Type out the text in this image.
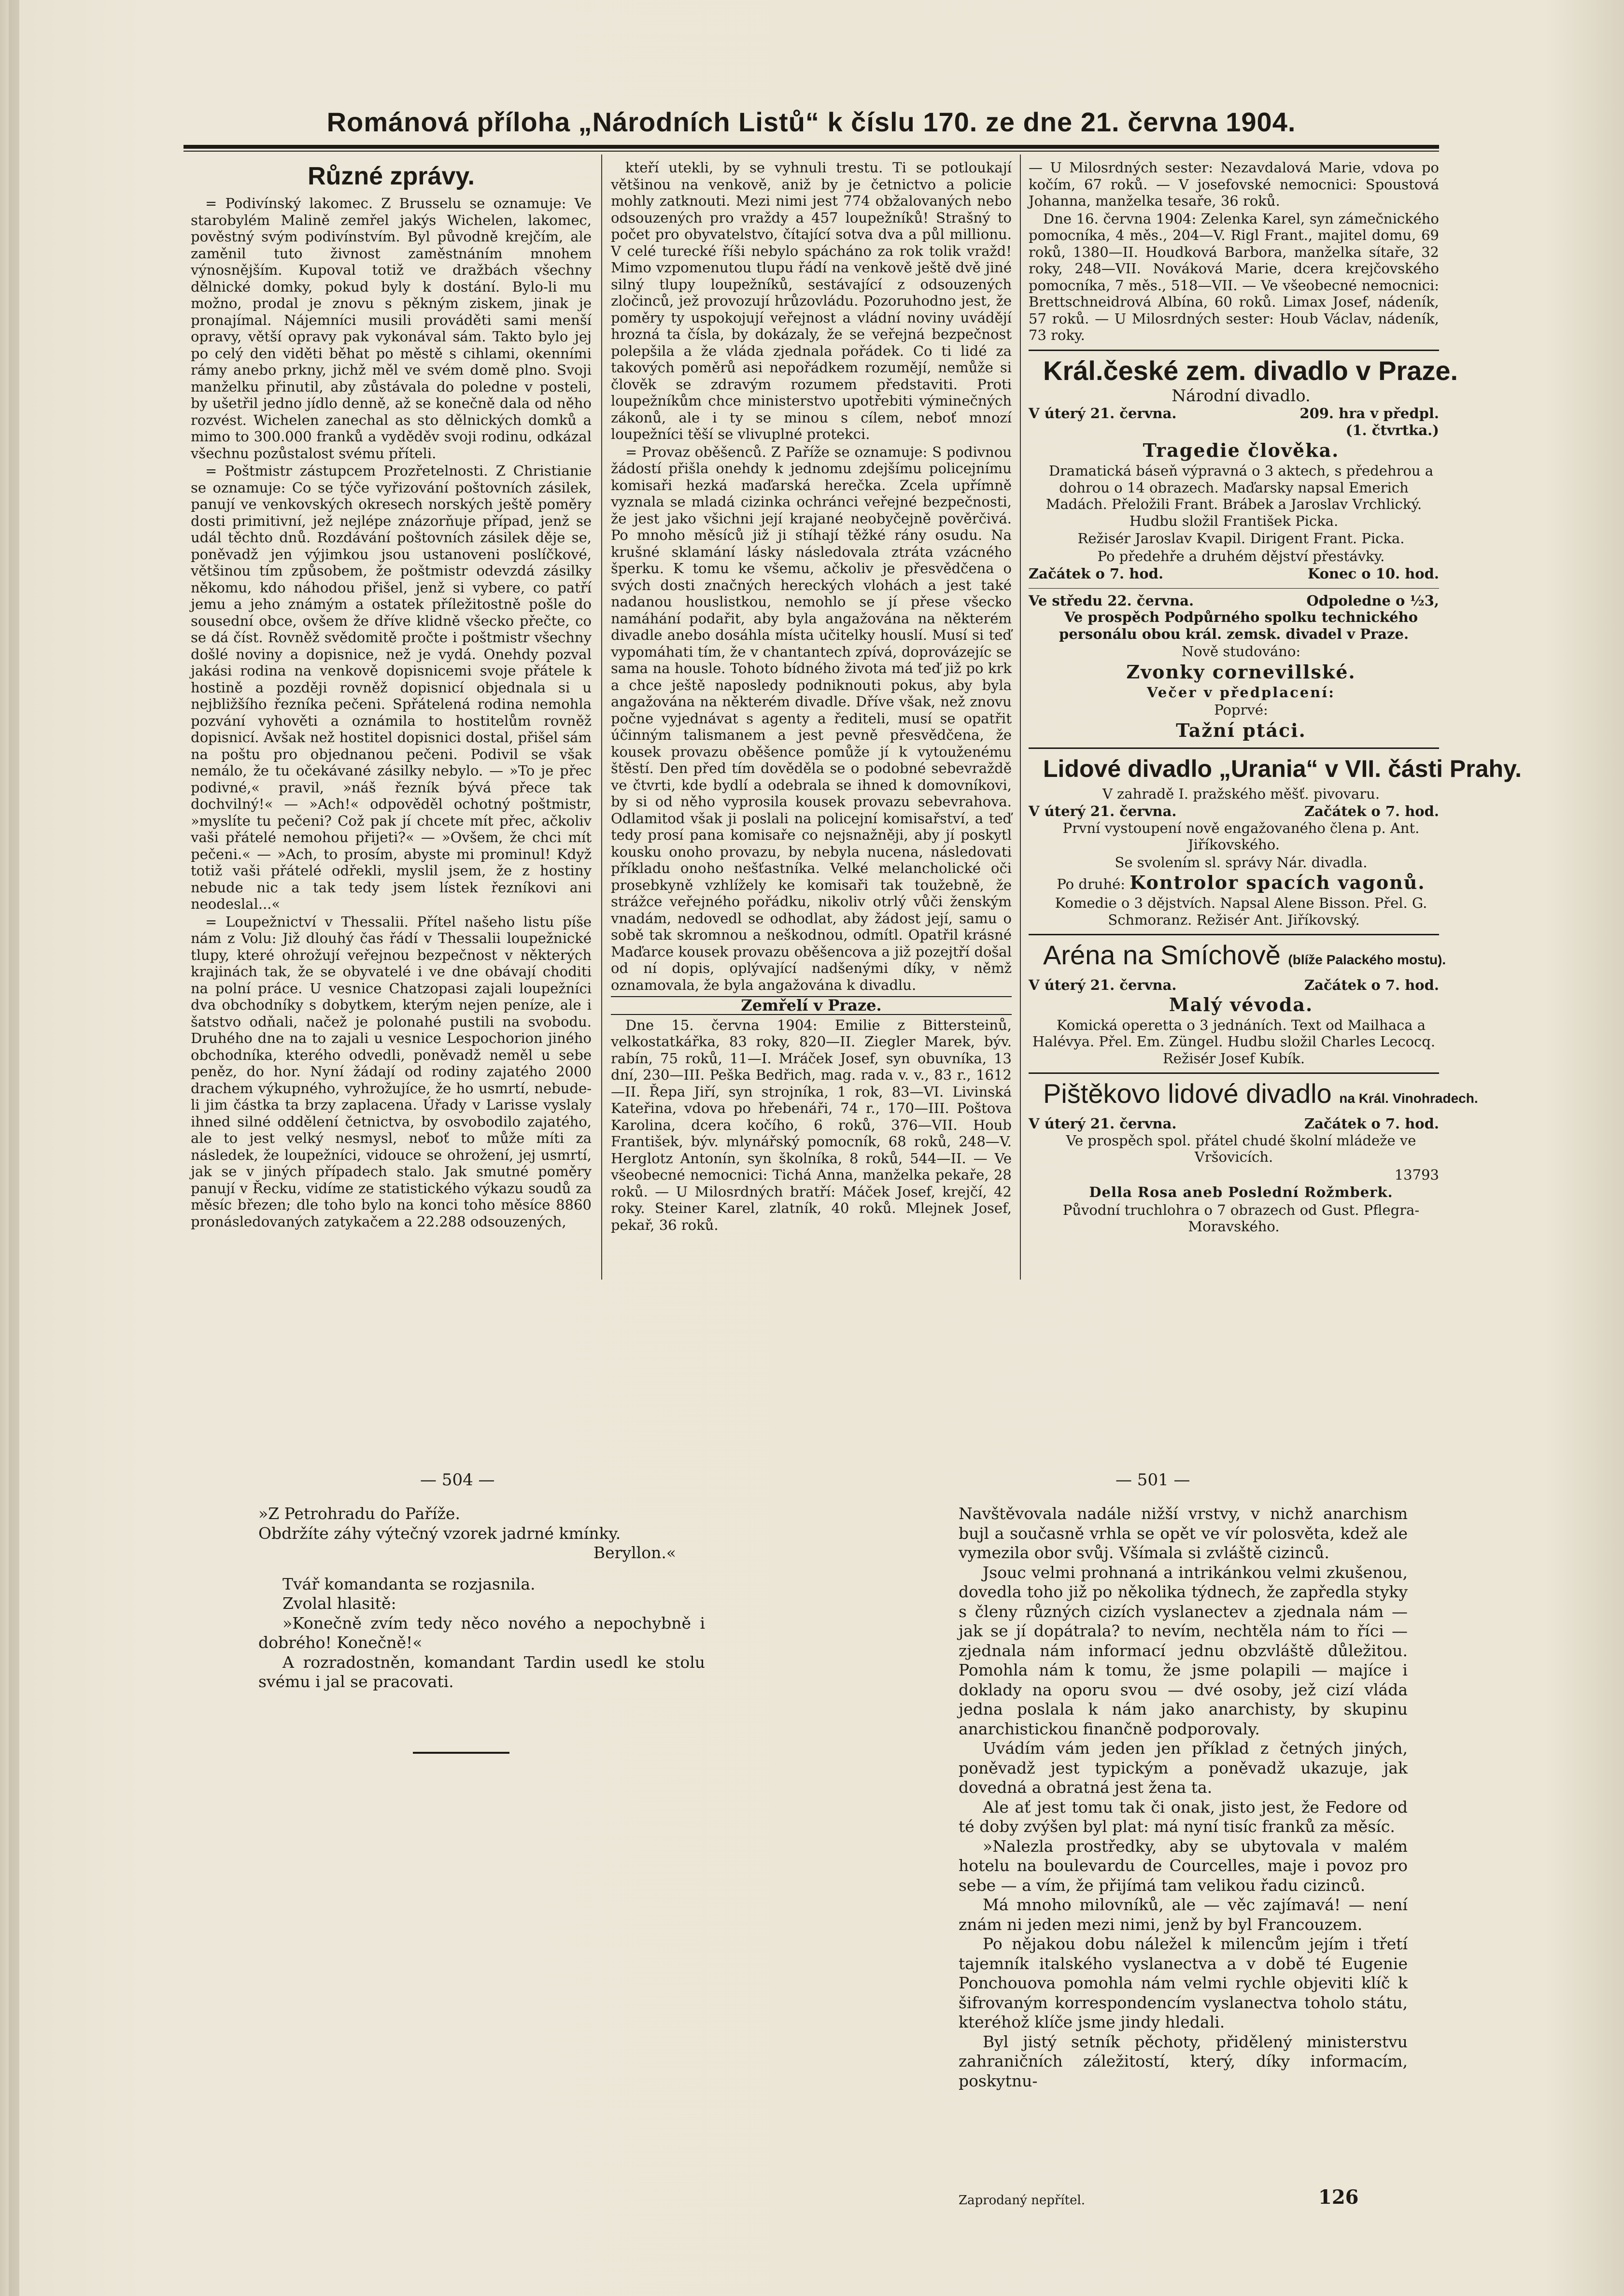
Románová příloha „Národních Listů“ k číslu 170. ze dne 21. června 1904.

Různé zprávy.

= Podivínský lakomec. Z Brusselu se oznamuje: Ve starobylém Malině zemřel jakýs Wichelen, lakomec, pověstný svým podivínstvím. Byl původně krejčím, ale zaměnil tuto živnost zaměstnáním mnohem výnosnějším. Kupoval totiž ve dražbách všechny dělnické domky, pokud byly k dostání. Bylo-li mu možno, prodal je znovu s pěkným ziskem, jinak je pronajímal. Nájemníci musili prováděti sami menší opravy, větší opravy pak vykonával sám. Takto bylo jej po celý den viděti běhat po městě s cihlami, okenními rámy anebo prkny, jichž měl ve svém domě plno. Svoji manželku přinutil, aby zůstávala do poledne v posteli, by ušetřil jedno jídlo denně, až se konečně dala od něho rozvést. Wichelen zanechal as sto dělnických domků a mimo to 300.000 franků a vyděděv svoji rodinu, odkázal všechnu pozůstalost svému příteli.

= Poštmistr zástupcem Prozřetelnosti. Z Christianie se oznamuje: Co se týče vyřizování poštovních zásilek, panují ve venkovských okresech norských ještě poměry dosti primitivní, jež nejlépe znázorňuje případ, jenž se udál těchto dnů. Rozdávání poštovních zásilek děje se, poněvadž jen výjimkou jsou ustanoveni poslíčkové, většinou tím způsobem, že poštmistr odevzdá zásilky někomu, kdo náhodou přišel, jenž si vybere, co patří jemu a jeho známým a ostatek příležitostně pošle do sousední obce, ovšem že dříve klidně všecko přečte, co se dá číst. Rovněž svědomitě pročte i poštmistr všechny došlé noviny a dopisnice, než je vydá. Onehdy pozval jakási rodina na venkově dopisnicemi svoje přátele k hostině a později rovněž dopisnicí objednala si u nejbližšího řezníka pečeni. Spřátelená rodina nemohla pozvání vyhověti a oznámila to hostitelům rovněž dopisnicí. Avšak než hostitel dopisnici dostal, přišel sám na poštu pro objednanou pečeni. Podivil se však nemálo, že tu očekávané zásilky nebylo. — »To je přec podivné,« pravil, »náš řezník bývá přece tak dochvilný!« — »Ach!« odpověděl ochotný poštmistr, »myslíte tu pečeni? Což pak jí chcete mít přec, ačkoliv vaši přátelé nemohou přijeti?« — »Ovšem, že chci mít pečeni.« — »Ach, to prosím, abyste mi prominul! Když totiž vaši přátelé odřekli, myslil jsem, že z hostiny nebude nic a tak tedy jsem lístek řezníkovi ani neodeslal...«

= Loupežnictví v Thessalii. Přítel našeho listu píše nám z Volu: Již dlouhý čas řádí v Thessalii loupežnické tlupy, které ohrožují veřejnou bezpečnost v některých krajinách tak, že se obyvatelé i ve dne obávají choditi na polní práce. U vesnice Chatzopasi zajali loupežníci dva obchodníky s dobytkem, kterým nejen peníze, ale i šatstvo odňali, načež je polonahé pustili na svobodu. Druhého dne na to zajali u vesnice Lespochorion jiného obchodníka, kterého odvedli, poněvadž neměl u sebe peněz, do hor. Nyní žádají od rodiny zajatého 2000 drachem výkupného, vyhrožujíce, že ho usmrtí, nebude-li jim částka ta brzy zaplacena. Úřady v Larisse vyslaly ihned silné oddělení četnictva, by osvobodilo zajatého, ale to jest velký nesmysl, neboť to může míti za následek, že loupežníci, vidouce se ohrožení, jej usmrtí, jak se v jiných případech stalo. Jak smutné poměry panují v Řecku, vidíme ze statistického výkazu soudů za měsíc březen; dle toho bylo na konci toho měsíce 8860 pronásledovaných zatykačem a 22.288 odsouzených,

kteří utekli, by se vyhnuli trestu. Ti se potloukají většinou na venkově, aniž by je četnictvo a policie mohly zatknouti. Mezi nimi jest 774 obžalovaných nebo odsouzených pro vraždy a 457 loupežníků! Strašný to počet pro obyvatelstvo, čítající sotva dva a půl millionu. V celé turecké říši nebylo spácháno za rok tolik vražd! Mimo vzpomenutou tlupu řádí na venkově ještě dvě jiné silný tlupy loupežníků, sestávající z odsouzených zločinců, jež provozují hrůzovládu. Pozoruhodno jest, že poměry ty uspokojují veřejnost a vládní noviny uvádějí hrozná ta čísla, by dokázaly, že se veřejná bezpečnost polepšila a že vláda zjednala pořádek. Co ti lidé za takových poměrů asi nepořádkem rozumějí, nemůže si člověk se zdravým rozumem představiti. Proti loupežníkům chce ministerstvo upotřebiti výminečných zákonů, ale i ty se minou s cílem, neboť mnozí loupežníci těší se vlivuplné protekci.

= Provaz oběšenců. Z Paříže se oznamuje: S podivnou žádostí přišla onehdy k jednomu zdejšímu policejnímu komisaři hezká maďarská herečka. Zcela upřímně vyznala se mladá cizinka ochránci veřejné bezpečnosti, že jest jako všichni její krajané neobyčejně pověrčivá. Po mnoho měsíců již ji stíhají těžké rány osudu. Na krušné sklamání lásky následovala ztráta vzácného šperku. K tomu ke všemu, ačkoliv je přesvědčena o svých dosti značných hereckých vlohách a jest také nadanou houslistkou, nemohlo se jí přese všecko namáhání podařit, aby byla angažována na některém divadle anebo dosáhla místa učitelky houslí. Musí si teď vypomáhati tím, že v chantantech zpívá, doprovázejíc se sama na housle. Tohoto bídného života má teď již po krk a chce ještě naposledy podniknouti pokus, aby byla angažována na některém divadle. Dříve však, než znovu počne vyjednávat s agenty a řediteli, musí se opatřit účinným talismanem a jest pevně přesvědčena, že kousek provazu oběšence pomůže jí k vytouženému štěstí. Den před tím dověděla se o podobné sebevraždě ve čtvrti, kde bydlí a odebrala se ihned k domovníkovi, by si od něho vyprosila kousek provazu sebevrahova. Odlamitod však ji poslali na policejní komisařství, a teď tedy prosí pana komisaře co nejsnažněji, aby jí poskytl kousku onoho provazu, by nebyla nucena, následovati příkladu onoho nešťastníka. Velké melancholické oči prosebkyně vzhlížely ke komisaři tak toužebně, že strážce veřejného pořádku, nikoliv otrlý vůči ženským vnadám, nedovedl se odhodlat, aby žádost její, samu o sobě tak skromnou a neškodnou, odmítl. Opatřil krásné Maďarce kousek provazu oběšencova a již pozejtří došal od ní dopis, oplývající nadšenými díky, v němž oznamovala, že byla angažována k divadlu.

Zemřelí v Praze.

Dne 15. června 1904: Emilie z Bittersteinů, velkostatkářka, 83 roky, 820—II. Ziegler Marek, býv. rabín, 75 roků, 11—I. Mráček Josef, syn obuvníka, 13 dní, 230—III. Peška Bedřich, mag. rada v. v., 83 r., 1612—II. Řepa Jiří, syn strojníka, 1 rok, 83—VI. Livinská Kateřina, vdova po hřebenáři, 74 r., 170—III. Poštova Karolina, dcera kočího, 6 roků, 376—VII. Houb František, býv. mlynářský pomocník, 68 roků, 248—V. Herglotz Antonín, syn školníka, 8 roků, 544—II. — Ve všeobecné nemocnici: Tichá Anna, manželka pekaře, 28 roků. — U Milosrdných bratří: Máček Josef, krejčí, 42 roky. Steiner Karel, zlatník, 40 roků. Mlejnek Josef, pekař, 36 roků.

— U Milosrdných sester: Nezavdalová Marie, vdova po kočím, 67 roků. — V josefovské nemocnici: Spoustová Johanna, manželka tesaře, 36 roků.

Dne 16. června 1904: Zelenka Karel, syn zámečnického pomocníka, 4 měs., 204—V. Rigl Frant., majitel domu, 69 roků, 1380—II. Houdková Barbora, manželka sítaře, 32 roky, 248—VII. Nováková Marie, dcera krejčovského pomocníka, 7 měs., 518—VII. — Ve všeobecné nemocnici: Brettschneidrová Albína, 60 roků. Limax Josef, nádeník, 57 roků. — U Milosrdných sester: Houb Václav, nádeník, 73 roky.

Král.české zem. divadlo v Praze.

Národní divadlo.

V úterý 21. června.	209. hra v předpl.

(1. čtvrtka.)

Tragedie člověka.

Dramatická báseň výpravná o 3 aktech, s předehrou a dohrou o 14 obrazech. Maďarsky napsal Emerich Madách. Přeložili Frant. Brábek a Jaroslav Vrchlický. Hudbu složil František Picka.

Režisér Jaroslav Kvapil. Dirigent Frant. Picka.

Po předehře a druhém dějství přestávky.

Začátek o 7. hod.	Konec o 10. hod.
Ve středu 22. června.	Odpoledne o ½3,

Ve prospěch Podpůrného spolku technického personálu obou král. zemsk. divadel v Praze.

Nově studováno:

Zvonky cornevillské.

Večer v předplacení:

Poprvé:

Tažní ptáci.

Lidové divadlo „Urania“ v VII. části Prahy.

V zahradě I. pražského měšť. pivovaru.

V úterý 21. června.	Začátek o 7. hod.

První vystoupení nově engažovaného člena p. Ant. Jiříkovského.

Se svolením sl. správy Nár. divadla.

Po druhé: Kontrolor spacích vagonů.

Komedie o 3 dějstvích. Napsal Alene Bisson. Přel. G. Schmoranz. Režisér Ant. Jiříkovský.

Aréna na Smíchově (blíže Palackého mostu).

V úterý 21. června.	Začátek o 7. hod.

Malý vévoda.

Komická operetta o 3 jednáních. Text od Mailhaca a Halévya. Přel. Em. Züngel. Hudbu složil Charles Lecocq. Režisér Josef Kubík.

Pištěkovo lidové divadlo na Král. Vinohradech.

V úterý 21. června.	Začátek o 7. hod.

Ve prospěch spol. přátel chudé školní mládeže ve Vršovicích.

13793

Della Rosa aneb Poslední Rožmberk.

Původní truchlohra o 7 obrazech od Gust. Pflegra-Moravského.

— 504 —	— 501 —

»Z Petrohradu do Paříže.

Obdržíte záhy výtečný vzorek jadrné kmínky.

Beryllon.«

Tvář komandanta se rozjasnila.

Zvolal hlasitě:

»Konečně zvím tedy něco nového a nepochybně i dobrého! Konečně!«

A rozradostněn, komandant Tardin usedl ke stolu svému i jal se pracovati.

Navštěvovala nadále nižší vrstvy, v nichž anarchism bujl a současně vrhla se opět ve vír polosvěta, kdež ale vymezila obor svůj. Všímala si zvláště cizinců.

Jsouc velmi prohnaná a intrikánkou velmi zkušenou, dovedla toho již po několika týdnech, že zapředla styky s členy různých cizích vyslanectev a zjednala nám — jak se jí dopátrala? to nevím, nechtěla nám to říci — zjednala nám informací jednu obzvláště důležitou. Pomohla nám k tomu, že jsme polapili — majíce i doklady na oporu svou — dvé osoby, jež cizí vláda jedna poslala k nám jako anarchisty, by skupinu anarchistickou finančně podporovaly.

Uvádím vám jeden jen příklad z četných jiných, poněvadž jest typickým a poněvadž ukazuje, jak dovedná a obratná jest žena ta.

Ale ať jest tomu tak či onak, jisto jest, že Fedore od té doby zvýšen byl plat: má nyní tisíc franků za měsíc.

»Nalezla prostředky, aby se ubytovala v malém hotelu na boulevardu de Courcelles, maje i povoz pro sebe — a vím, že přijímá tam velikou řadu cizinců.

Má mnoho milovníků, ale — věc zajímavá! — není znám ni jeden mezi nimi, jenž by byl Francouzem.

Po nějakou dobu náležel k milencům jejím i třetí tajemník italského vyslanectva a v době té Eugenie Ponchouova pomohla nám velmi rychle objeviti klíč k šifrovaným korrespondencím vyslanectva toholo státu, kteréhož klíče jsme jindy hledali.

Byl jistý setník pěchoty, přidělený ministerstvu zahraničních záležitostí, který, díky informacím, poskytnu-

Zaprodaný nepřítel.	126
